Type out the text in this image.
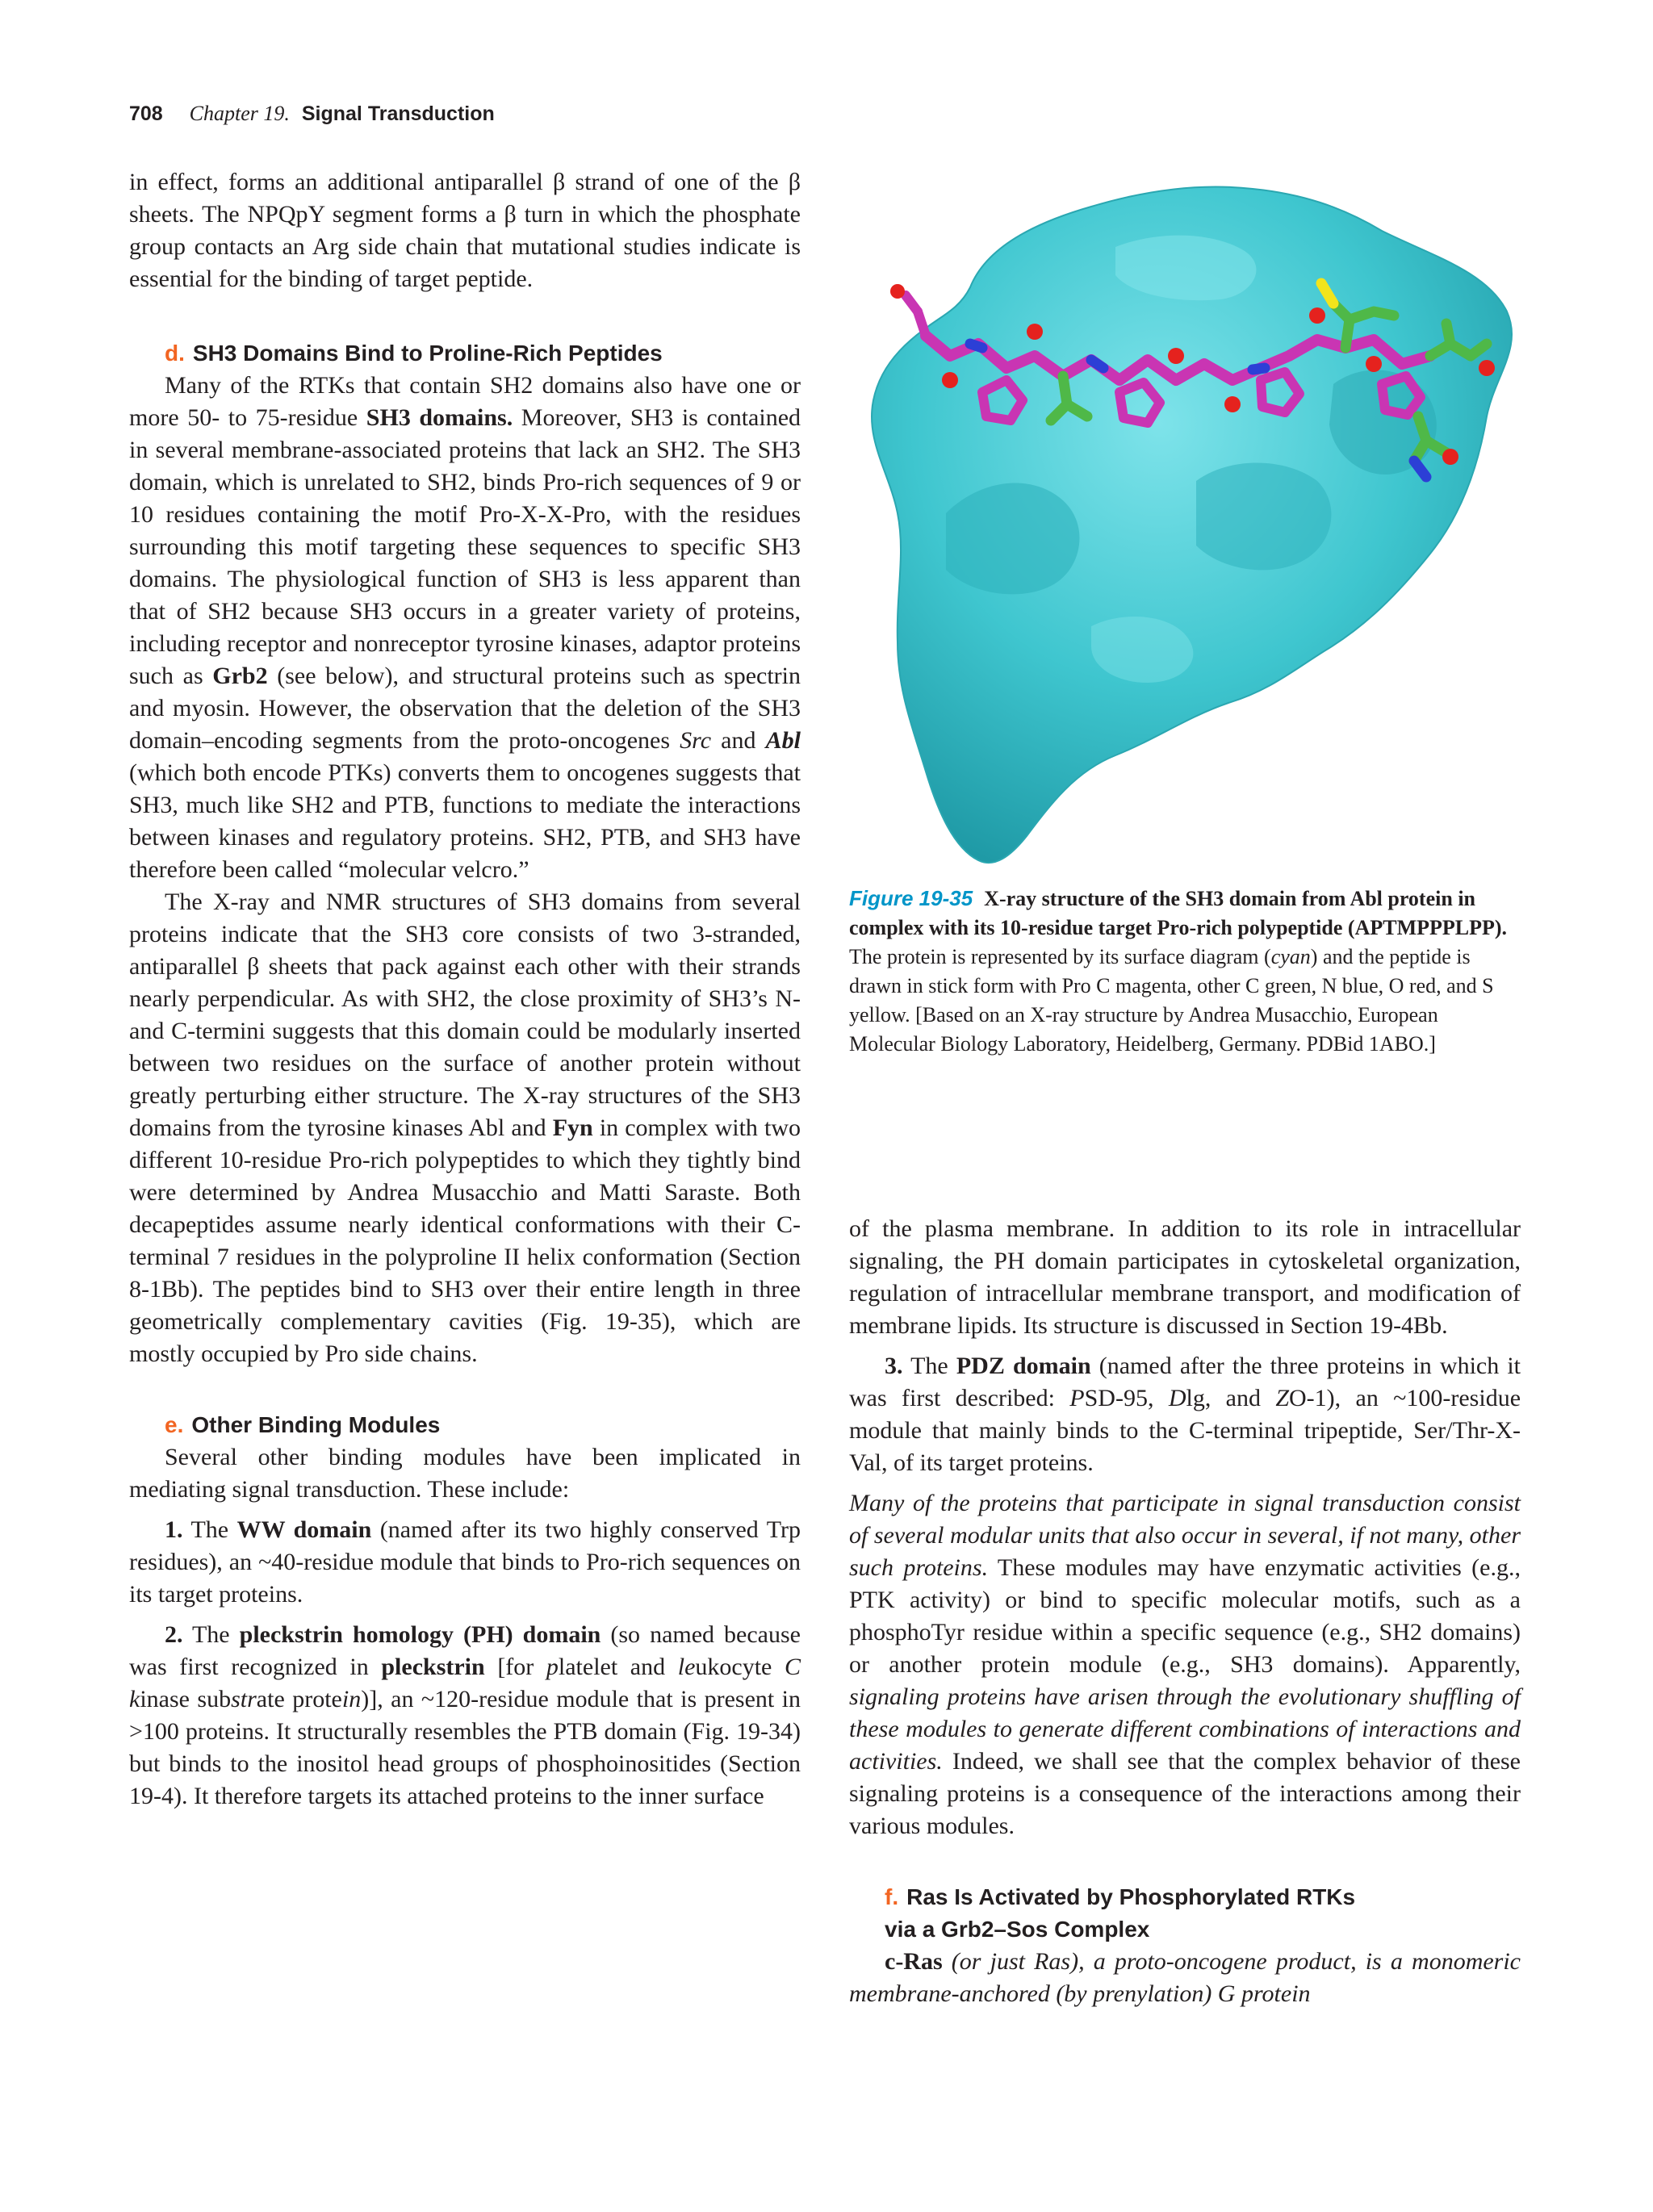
708 Chapter 19. Signal Transduction

in effect, forms an additional antiparallel β strand of one of the β sheets. The NPQpY segment forms a β turn in which the phosphate group contacts an Arg side chain that mutational studies indicate is essential for the binding of target peptide.

d. SH3 Domains Bind to Proline-Rich Peptides

Many of the RTKs that contain SH2 domains also have one or more 50- to 75-residue SH3 domains. Moreover, SH3 is contained in several membrane-associated proteins that lack an SH2. The SH3 domain, which is unrelated to SH2, binds Pro-rich sequences of 9 or 10 residues containing the motif Pro-X-X-Pro, with the residues surrounding this motif targeting these sequences to specific SH3 domains. The physiological function of SH3 is less apparent than that of SH2 because SH3 occurs in a greater variety of proteins, including receptor and nonreceptor tyrosine kinases, adaptor proteins such as Grb2 (see below), and structural proteins such as spectrin and myosin. However, the observation that the deletion of the SH3 domain–encoding segments from the proto-oncogenes Src and Abl (which both encode PTKs) converts them to oncogenes suggests that SH3, much like SH2 and PTB, functions to mediate the interactions between kinases and regulatory proteins. SH2, PTB, and SH3 have therefore been called “molecular velcro.”

The X-ray and NMR structures of SH3 domains from several proteins indicate that the SH3 core consists of two 3-stranded, antiparallel β sheets that pack against each other with their strands nearly perpendicular. As with SH2, the close proximity of SH3’s N- and C-termini suggests that this domain could be modularly inserted between two residues on the surface of another protein without greatly perturbing either structure. The X-ray structures of the SH3 domains from the tyrosine kinases Abl and Fyn in complex with two different 10-residue Pro-rich polypeptides to which they tightly bind were determined by Andrea Musacchio and Matti Saraste. Both decapeptides assume nearly identical conformations with their C-terminal 7 residues in the polyproline II helix conformation (Section 8-1Bb). The peptides bind to SH3 over their entire length in three geometrically complementary cavities (Fig. 19-35), which are mostly occupied by Pro side chains.

e. Other Binding Modules

Several other binding modules have been implicated in mediating signal transduction. These include:

1. The WW domain (named after its two highly conserved Trp residues), an ~40-residue module that binds to Pro-rich sequences on its target proteins.

2. The pleckstrin homology (PH) domain (so named because was first recognized in pleckstrin [for platelet and leukocyte C kinase substrate protein)], an ~120-residue module that is present in >100 proteins. It structurally resembles the PTB domain (Fig. 19-34) but binds to the inositol head groups of phosphoinositides (Section 19-4). It therefore targets its attached proteins to the inner surface

Figure 19-35 X-ray structure of the SH3 domain from Abl protein in complex with its 10-residue target Pro-rich polypeptide (APTMPPPLPP). The protein is represented by its surface diagram (cyan) and the peptide is drawn in stick form with Pro C magenta, other C green, N blue, O red, and S yellow. [Based on an X-ray structure by Andrea Musacchio, European Molecular Biology Laboratory, Heidelberg, Germany. PDBid 1ABO.]

of the plasma membrane. In addition to its role in intracellular signaling, the PH domain participates in cytoskeletal organization, regulation of intracellular membrane transport, and modification of membrane lipids. Its structure is discussed in Section 19-4Bb.

3. The PDZ domain (named after the three proteins in which it was first described: PSD-95, Dlg, and ZO-1), an ~100-residue module that mainly binds to the C-terminal tripeptide, Ser/Thr-X-Val, of its target proteins.

Many of the proteins that participate in signal transduction consist of several modular units that also occur in several, if not many, other such proteins. These modules may have enzymatic activities (e.g., PTK activity) or bind to specific molecular motifs, such as a phosphoTyr residue within a specific sequence (e.g., SH2 domains) or another protein module (e.g., SH3 domains). Apparently, signaling proteins have arisen through the evolutionary shuffling of these modules to generate different combinations of interactions and activities. Indeed, we shall see that the complex behavior of these signaling proteins is a consequence of the interactions among their various modules.

f. Ras Is Activated by Phosphorylated RTKs
via a Grb2–Sos Complex

c-Ras (or just Ras), a proto-oncogene product, is a monomeric membrane-anchored (by prenylation) G protein
